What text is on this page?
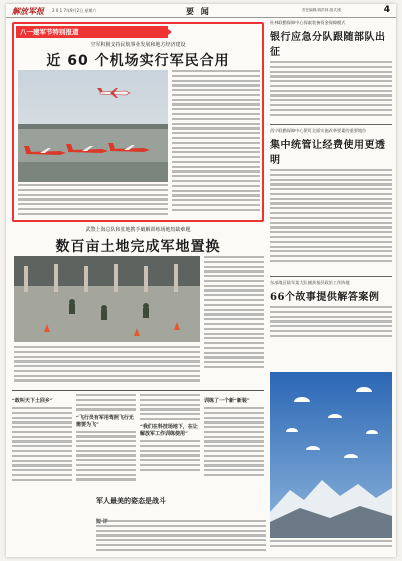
解放军报 2 0 1 7年9月2日 星期六	要 闻	责任编辑/周洪林 版式/张	4
八一建军节特别报道
空军积极支持民航事业发展和地方经济建设
近 60 个机场实行军民合用
武警上海总队和驻地携手破解训练场地短缺难题
数百亩土地完成军地置换
“敢叫天下土回乡”
“飞行员有军用驾照飞行无需要为飞”	“我们在科技场地下，在让解放军工作训练使用”
训练了一个新“新装”
军人最美的姿态是战斗
杜林联勤保障中心探索装备资金保障模式
银行应急分队跟随部队出征
西宁联勤保障中心紧盯全面实施改革要素的重要地位
集中统管让经费使用更透明
东部战区陆军某大队捕获基层政治工作阵地
66个故事提供解答案例
